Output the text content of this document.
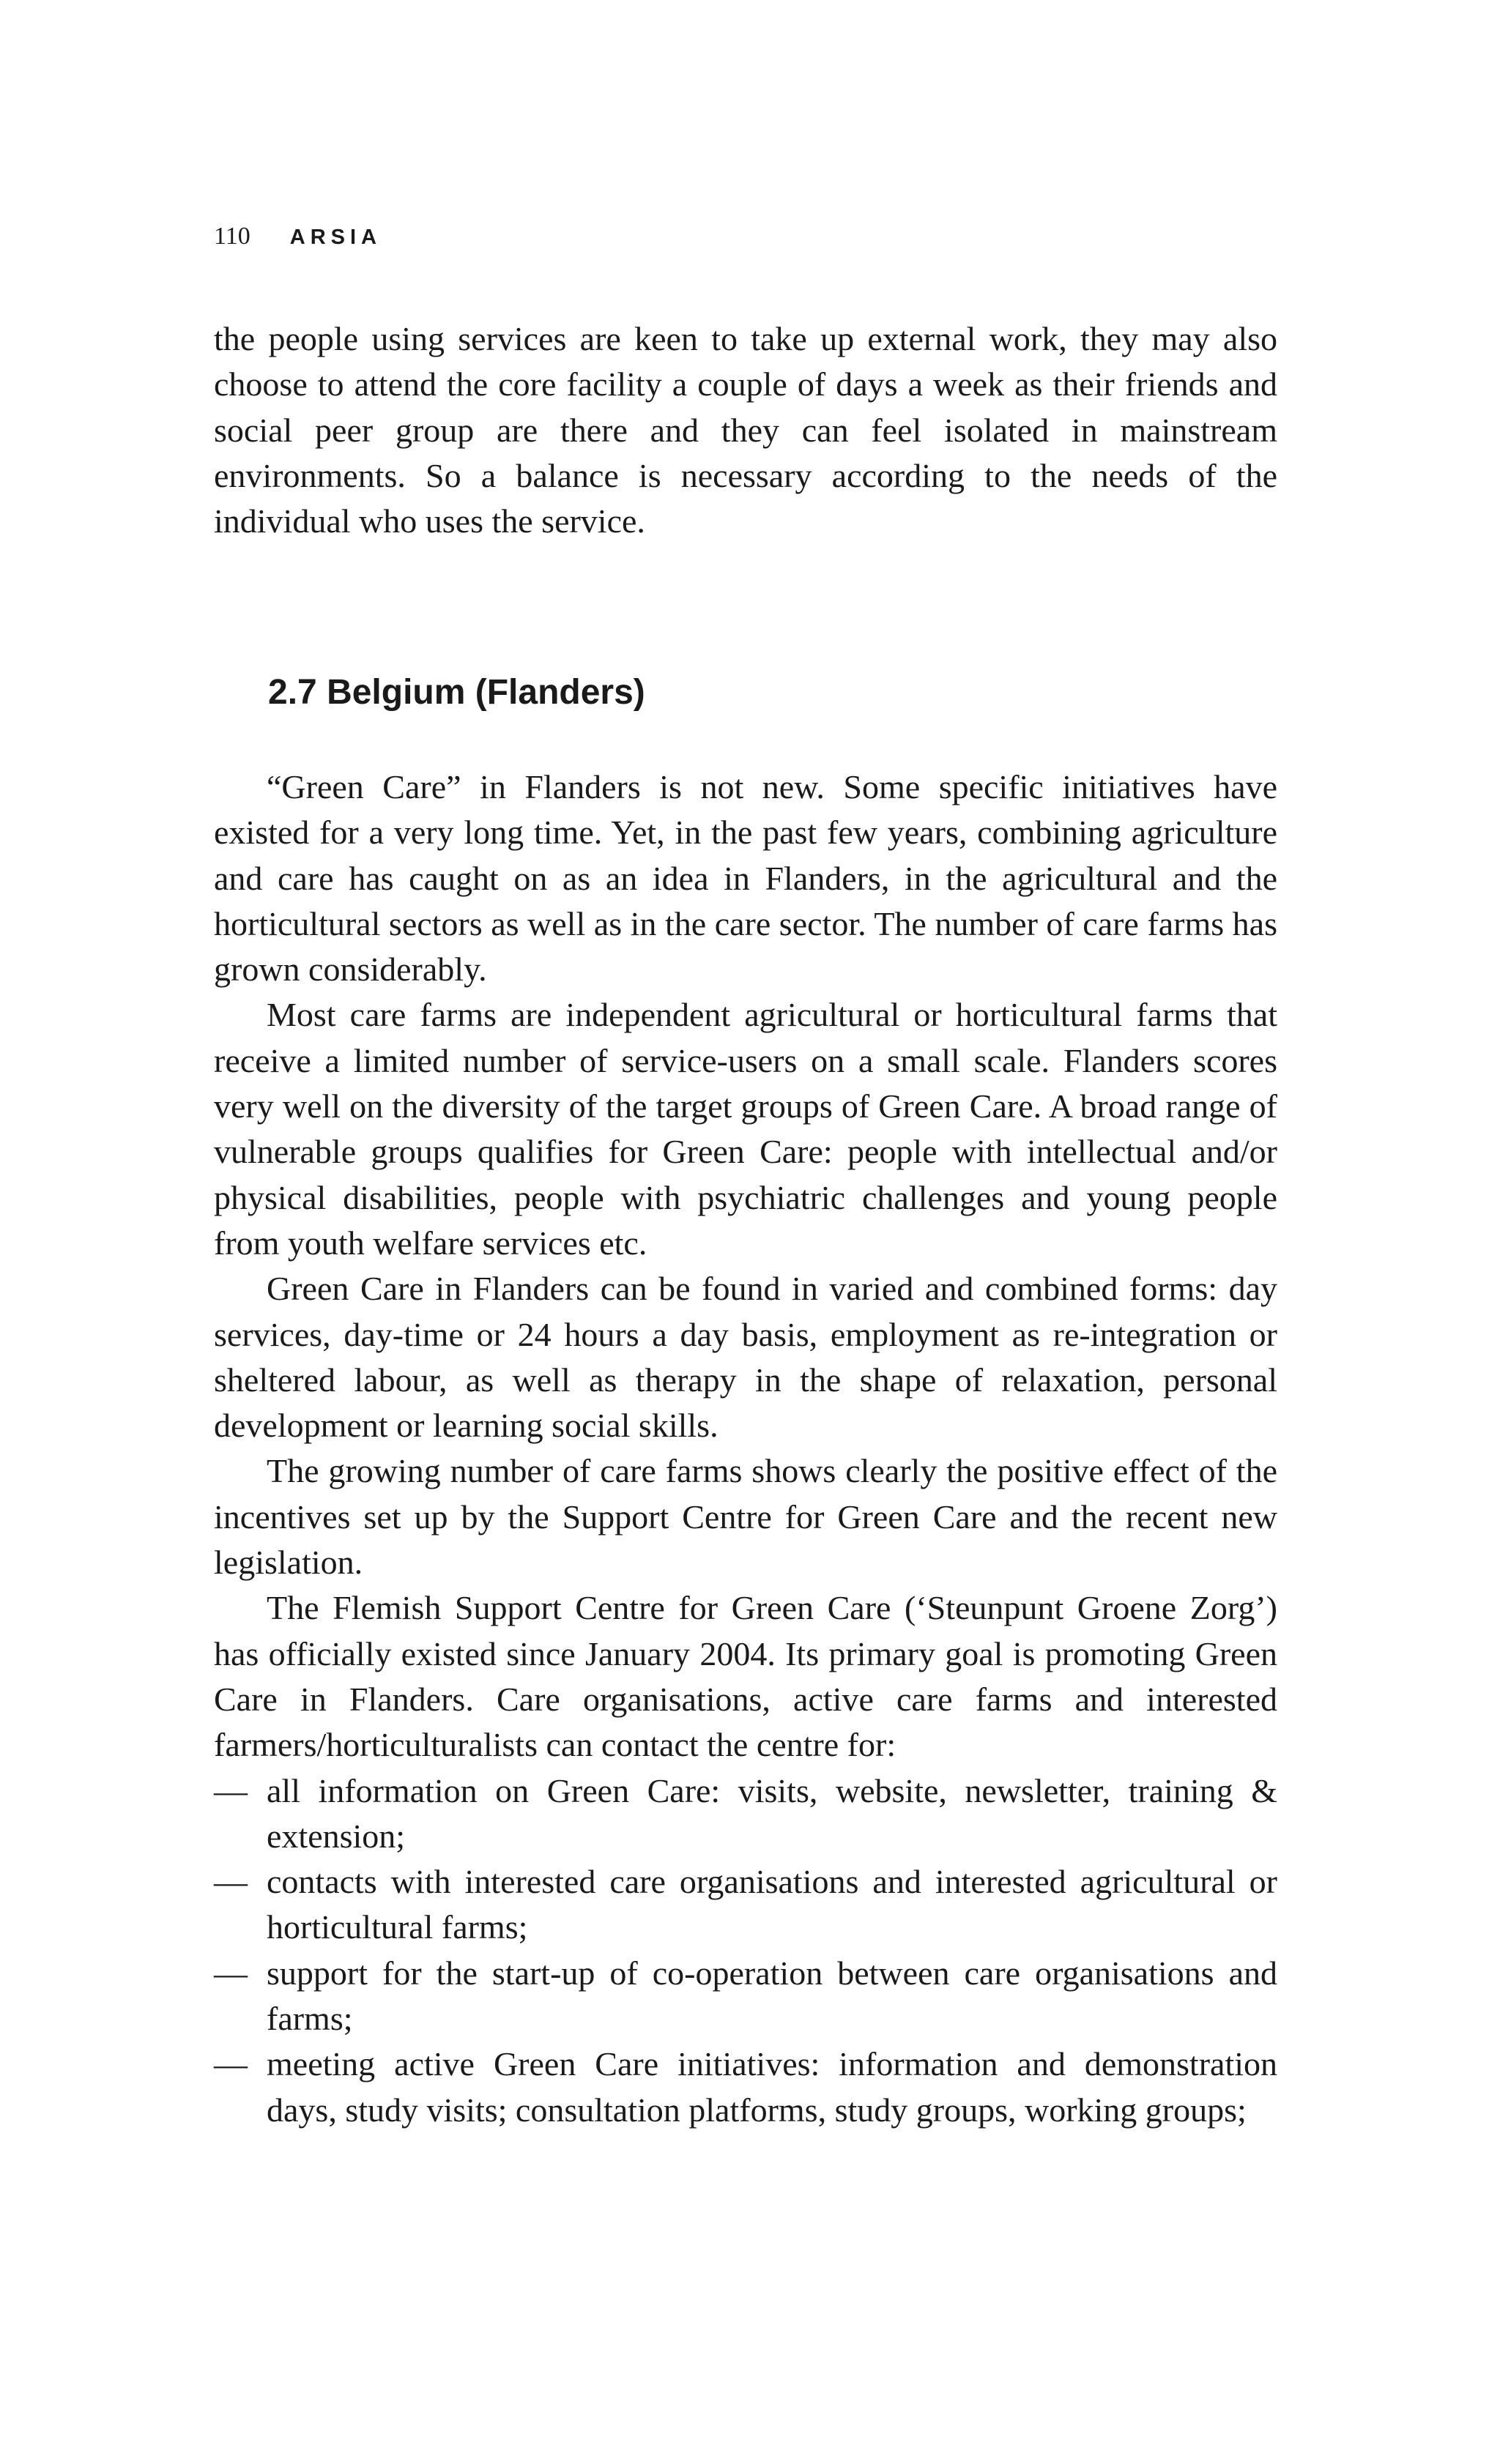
110 ARSIA

the people using services are keen to take up external work, they may also choose to attend the core facility a couple of days a week as their friends and social peer group are there and they can feel isolated in mainstream environments. So a balance is necessary according to the needs of the individual who uses the service.

2.7 Belgium (Flanders)

“Green Care” in Flanders is not new. Some specific initiatives have existed for a very long time. Yet, in the past few years, combining agriculture and care has caught on as an idea in Flanders, in the agricultural and the horticultural sectors as well as in the care sector. The number of care farms has grown considerably.

Most care farms are independent agricultural or horticultural farms that receive a limited number of service-users on a small scale. Flanders scores very well on the diversity of the target groups of Green Care. A broad range of vulnerable groups qualifies for Green Care: people with intellectual and/or physical disabilities, people with psychiatric challenges and young people from youth welfare services etc.

Green Care in Flanders can be found in varied and combined forms: day services, day-time or 24 hours a day basis, employment as re-integration or sheltered labour, as well as therapy in the shape of relaxation, personal development or learning social skills.

The growing number of care farms shows clearly the positive effect of the incentives set up by the Support Centre for Green Care and the recent new legislation.

The Flemish Support Centre for Green Care (‘Steunpunt Groene Zorg’) has officially existed since January 2004. Its primary goal is promoting Green Care in Flanders. Care organisations, active care farms and interested farmers/horticulturalists can contact the centre for:

— all information on Green Care: visits, website, newsletter, training & extension;
— contacts with interested care organisations and interested agricultural or horticultural farms;
— support for the start-up of co-operation between care organisations and farms;
— meeting active Green Care initiatives: information and demonstration days, study visits; consultation platforms, study groups, working groups;
